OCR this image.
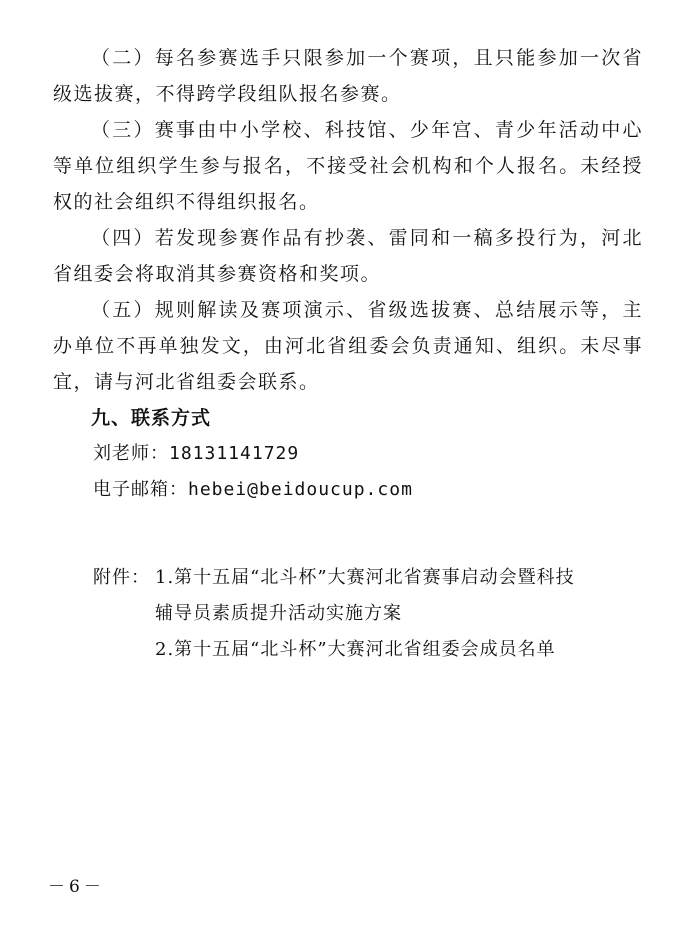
（二）每名参赛选手只限参加一个赛项，且只能参加一次省级选拔赛，不得跨学段组队报名参赛。

（三）赛事由中小学校、科技馆、少年宫、青少年活动中心等单位组织学生参与报名，不接受社会机构和个人报名。未经授权的社会组织不得组织报名。

（四）若发现参赛作品有抄袭、雷同和一稿多投行为，河北省组委会将取消其参赛资格和奖项。

（五）规则解读及赛项演示、省级选拔赛、总结展示等，主办单位不再单独发文，由河北省组委会负责通知、组织。未尽事宜，请与河北省组委会联系。

九、联系方式

刘老师：18131141729

电子邮箱：hebei@beidoucup.com

附件： 1.第十五届“北斗杯”大赛河北省赛事启动会暨科技
辅导员素质提升活动实施方案
2.第十五届“北斗杯”大赛河北省组委会成员名单
－6－
